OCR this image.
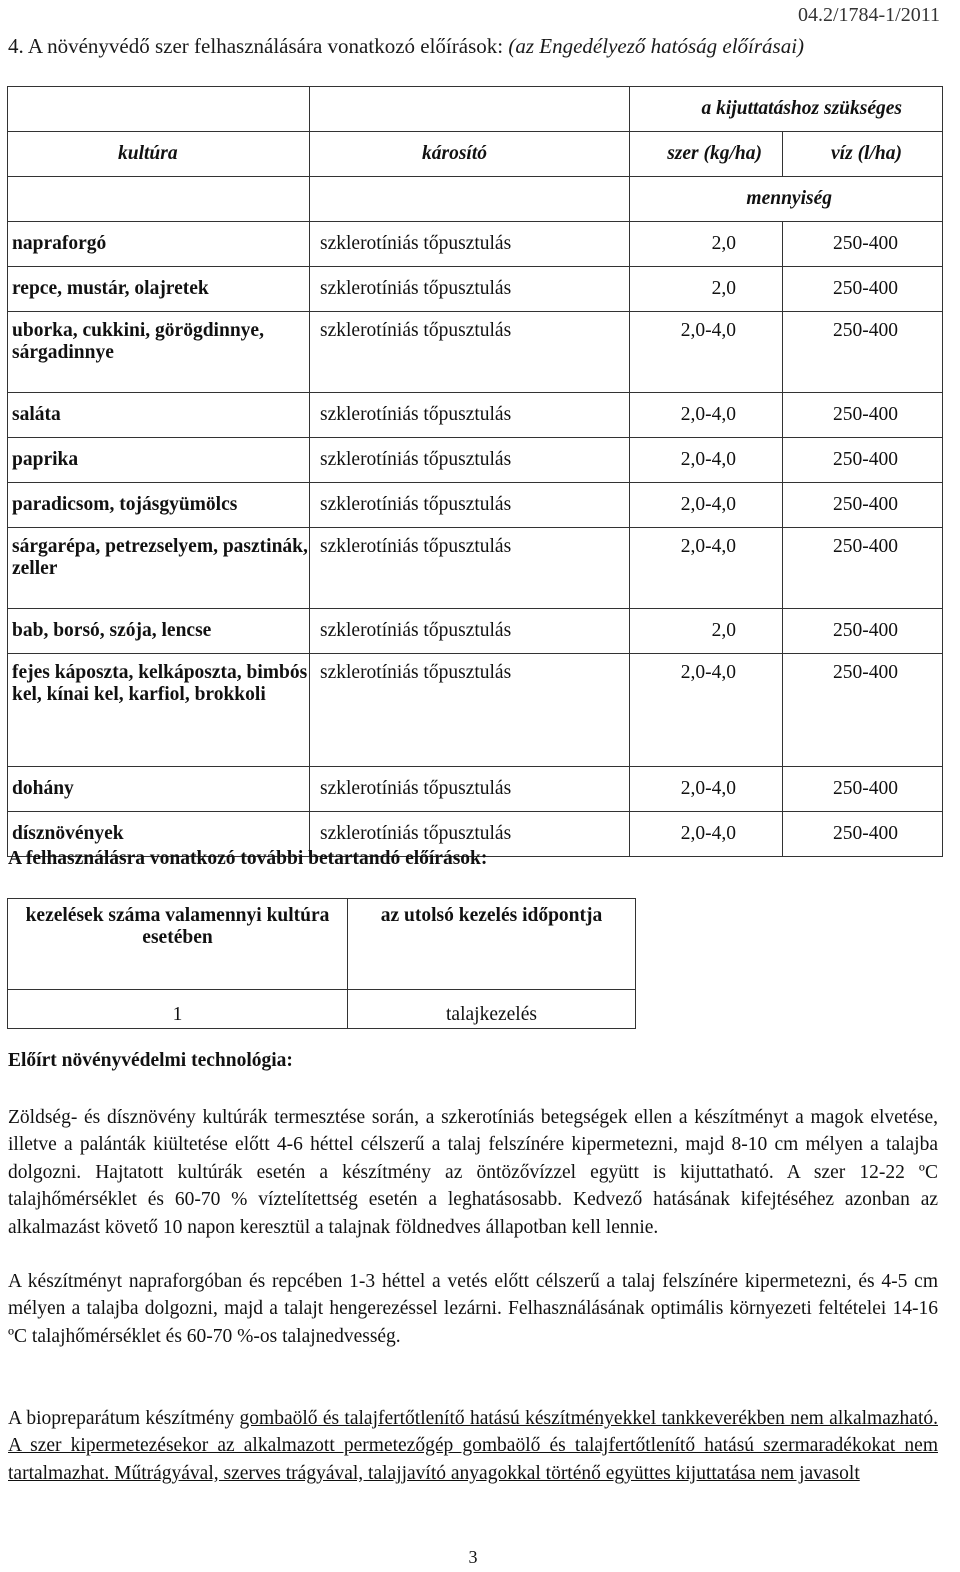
04.2/1784-1/2011
4. A növényvédő szer felhasználására vonatkozó előírások: (az Engedélyező hatóság előírásai)
		a kijuttatáshoz szükséges	
kultúra	károsító	szer (kg/ha)	víz (l/ha)
		mennyiség	
napraforgó	szklerotíniás tőpusztulás	2,0	250-400
repce, mustár, olajretek	szklerotíniás tőpusztulás	2,0	250-400
uborka, cukkini, görögdinnye, sárgadinnye	szklerotíniás tőpusztulás	2,0-4,0	250-400
saláta	szklerotíniás tőpusztulás	2,0-4,0	250-400
paprika	szklerotíniás tőpusztulás	2,0-4,0	250-400
paradicsom, tojásgyümölcs	szklerotíniás tőpusztulás	2,0-4,0	250-400
sárgarépa, petrezselyem, pasztinák, zeller	szklerotíniás tőpusztulás	2,0-4,0	250-400
bab, borsó, szója, lencse	szklerotíniás tőpusztulás	2,0	250-400
fejes káposzta, kelkáposzta, bimbós kel, kínai kel, karfiol, brokkoli	szklerotíniás tőpusztulás	2,0-4,0	250-400
dohány	szklerotíniás tőpusztulás	2,0-4,0	250-400
dísznövények	szklerotíniás tőpusztulás	2,0-4,0	250-400
A felhasználásra vonatkozó további betartandó előírások:
kezelések száma valamennyi kultúra esetében	az utolsó kezelés időpontja
1	talajkezelés
Előírt növényvédelmi technológia:
Zöldség- és dísznövény kultúrák termesztése során, a szkerotíniás betegségek ellen a készítményt a magok elvetése, illetve a palánták kiültetése előtt 4-6 héttel célszerű a talaj felszínére kipermetezni, majd 8-10 cm mélyen a talajba dolgozni. Hajtatott kultúrák esetén a készítmény az öntözővízzel együtt is kijuttatható. A szer 12-22 ºC talajhőmérséklet és 60-70 % víztelítettség esetén a leghatásosabb. Kedvező hatásának kifejtéséhez azonban az alkalmazást követő 10 napon keresztül a talajnak földnedves állapotban kell lennie.
A készítményt napraforgóban és repcében 1-3 héttel a vetés előtt célszerű a talaj felszínére kipermetezni, és 4-5 cm mélyen a talajba dolgozni, majd a talajt hengerezéssel lezárni. Felhasználásának optimális környezeti feltételei 14-16 ºC talajhőmérséklet és 60-70 %-os talajnedvesség.
A biopreparátum készítmény gombaölő és talajfertőtlenítő hatású készítményekkel tankkeverékben nem alkalmazható. A szer kipermetezésekor az alkalmazott permetezőgép gombaölő és talajfertőtlenítő hatású szermaradékokat nem tartalmazhat. Műtrágyával, szerves trágyával, talajjavító anyagokkal történő együttes kijuttatása nem javasolt
3
